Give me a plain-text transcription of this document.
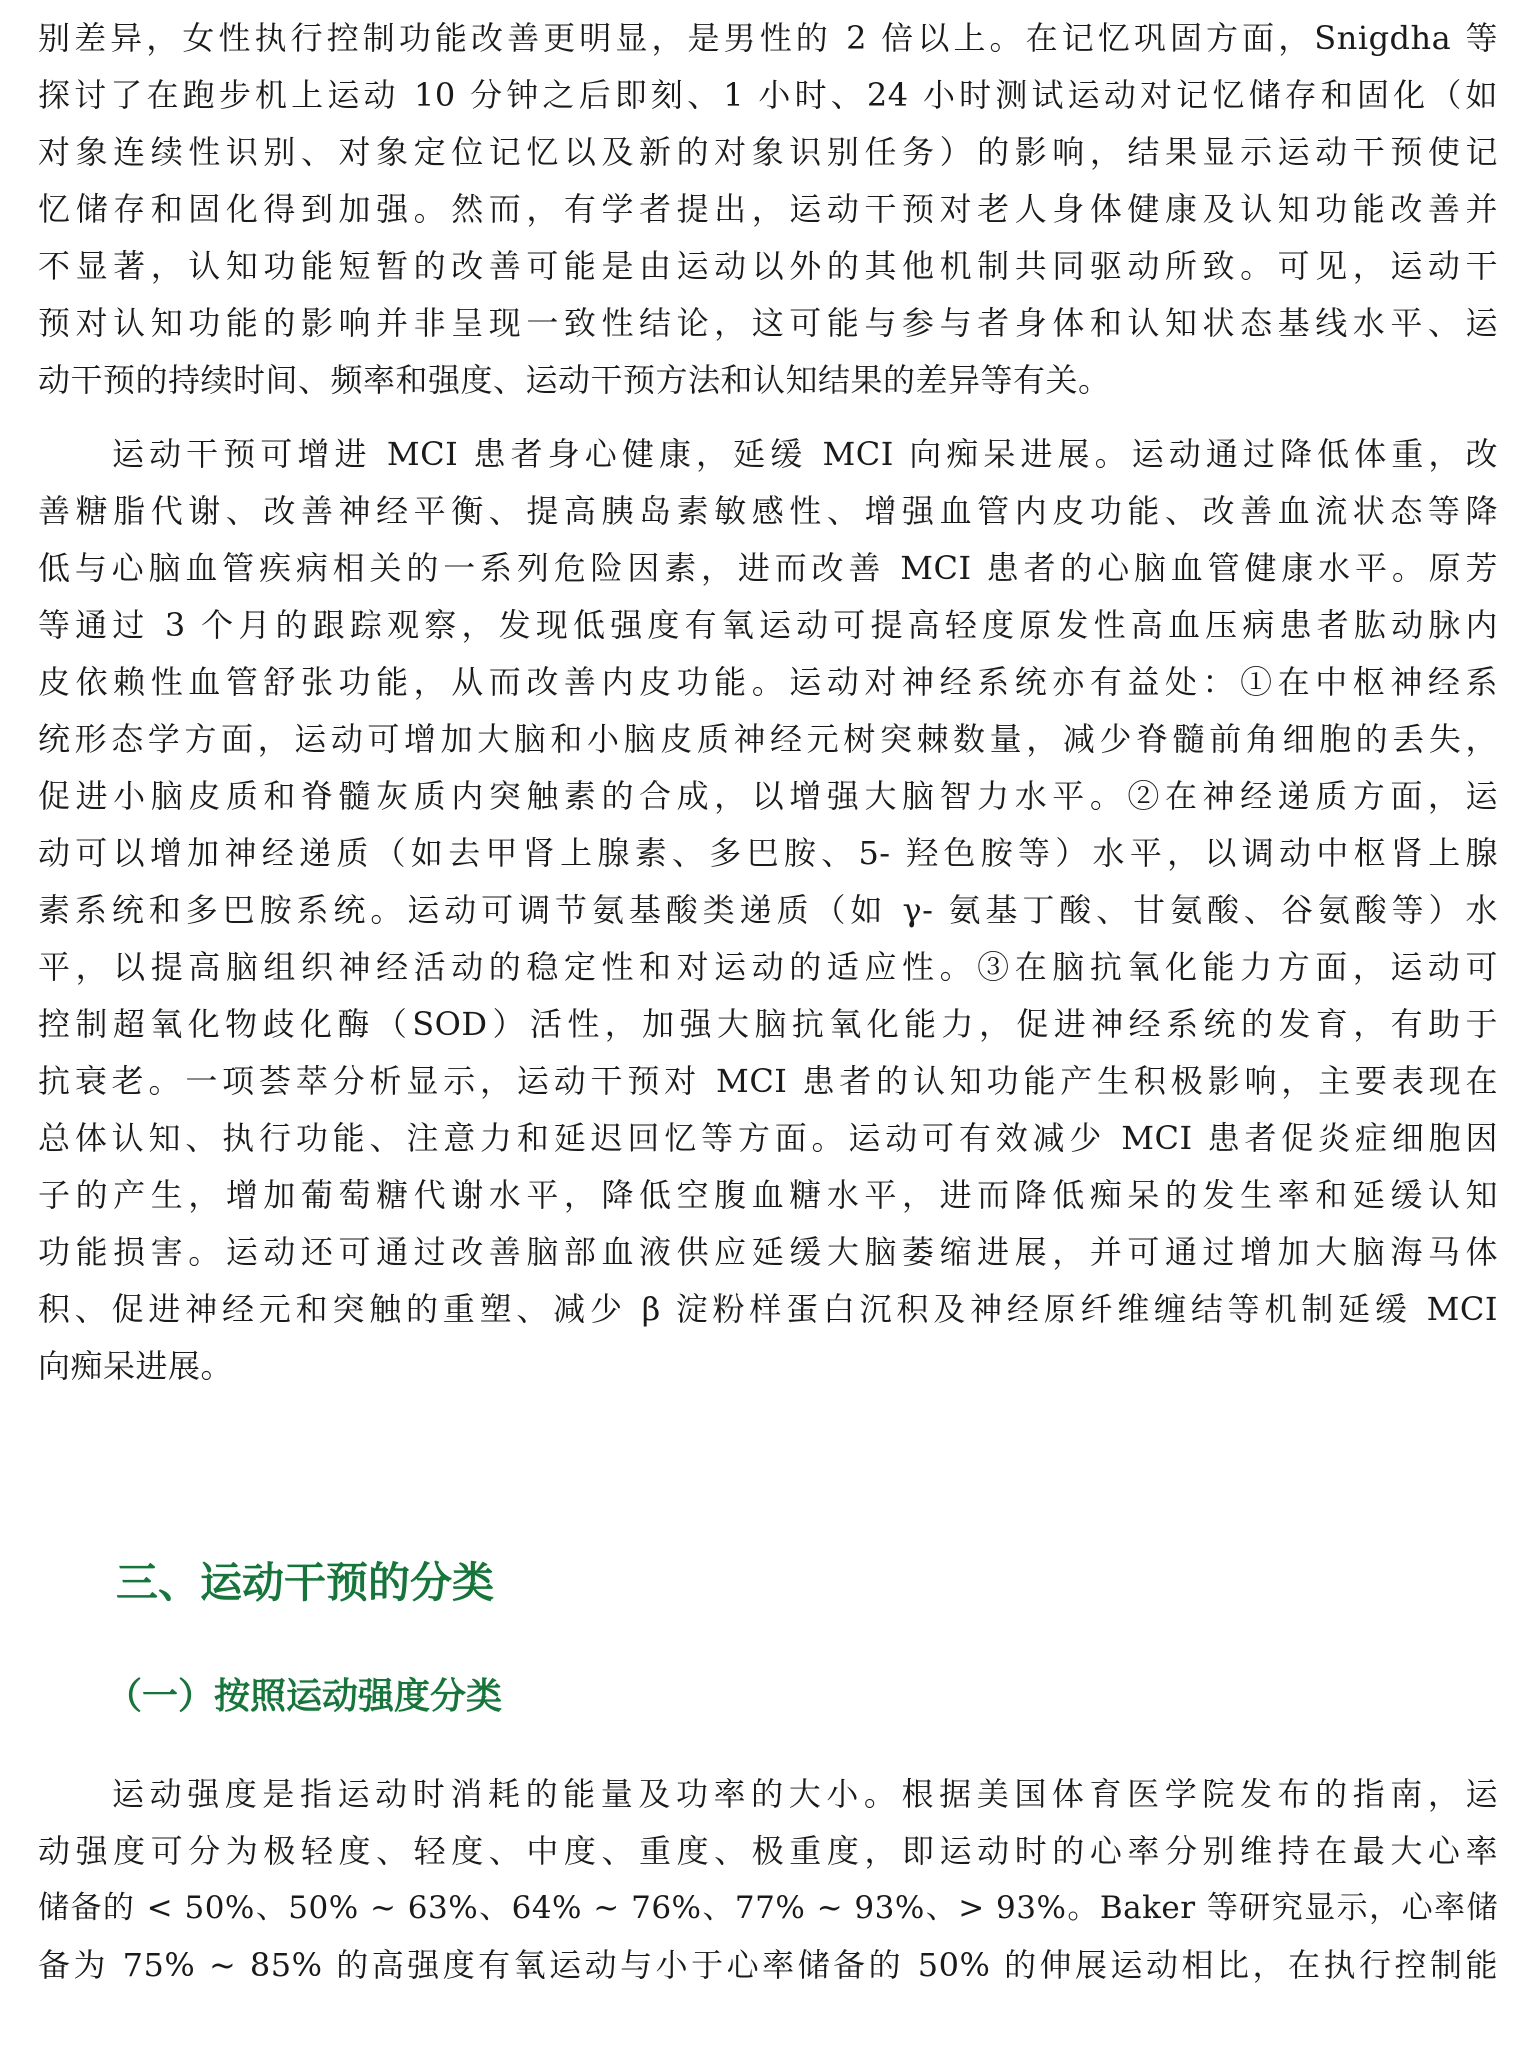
别差异，女性执行控制功能改善更明显，是男性的 2 倍以上。在记忆巩固方面，Snigdha 等
探讨了在跑步机上运动 10 分钟之后即刻、1 小时、24 小时测试运动对记忆储存和固化（如
对象连续性识别、对象定位记忆以及新的对象识别任务）的影响，结果显示运动干预使记
忆储存和固化得到加强。然而，有学者提出，运动干预对老人身体健康及认知功能改善并
不显著，认知功能短暂的改善可能是由运动以外的其他机制共同驱动所致。可见，运动干
预对认知功能的影响并非呈现一致性结论，这可能与参与者身体和认知状态基线水平、运
动干预的持续时间、频率和强度、运动干预方法和认知结果的差异等有关。
运动干预可增进 MCI 患者身心健康，延缓 MCI 向痴呆进展。运动通过降低体重，改
善糖脂代谢、改善神经平衡、提高胰岛素敏感性、增强血管内皮功能、改善血流状态等降
低与心脑血管疾病相关的一系列危险因素，进而改善 MCI 患者的心脑血管健康水平。原芳
等通过 3 个月的跟踪观察，发现低强度有氧运动可提高轻度原发性高血压病患者肱动脉内
皮依赖性血管舒张功能，从而改善内皮功能。运动对神经系统亦有益处：①在中枢神经系
统形态学方面，运动可增加大脑和小脑皮质神经元树突棘数量，减少脊髓前角细胞的丢失，
促进小脑皮质和脊髓灰质内突触素的合成，以增强大脑智力水平。②在神经递质方面，运
动可以增加神经递质（如去甲肾上腺素、多巴胺、5- 羟色胺等）水平，以调动中枢肾上腺
素系统和多巴胺系统。运动可调节氨基酸类递质（如 γ- 氨基丁酸、甘氨酸、谷氨酸等）水
平，以提高脑组织神经活动的稳定性和对运动的适应性。③在脑抗氧化能力方面，运动可
控制超氧化物歧化酶（SOD）活性，加强大脑抗氧化能力，促进神经系统的发育，有助于
抗衰老。一项荟萃分析显示，运动干预对 MCI 患者的认知功能产生积极影响，主要表现在
总体认知、执行功能、注意力和延迟回忆等方面。运动可有效减少 MCI 患者促炎症细胞因
子的产生，增加葡萄糖代谢水平，降低空腹血糖水平，进而降低痴呆的发生率和延缓认知
功能损害。运动还可通过改善脑部血液供应延缓大脑萎缩进展，并可通过增加大脑海马体
积、促进神经元和突触的重塑、减少 β 淀粉样蛋白沉积及神经原纤维缠结等机制延缓 MCI
向痴呆进展。
三、运动干预的分类
（一）按照运动强度分类
运动强度是指运动时消耗的能量及功率的大小。根据美国体育医学院发布的指南，运
动强度可分为极轻度、轻度、中度、重度、极重度，即运动时的心率分别维持在最大心率
储备的 < 50%、50% ~ 63%、64% ~ 76%、77% ~ 93%、> 93%。Baker 等研究显示，心率储
备为 75% ~ 85% 的高强度有氧运动与小于心率储备的 50% 的伸展运动相比，在执行控制能
